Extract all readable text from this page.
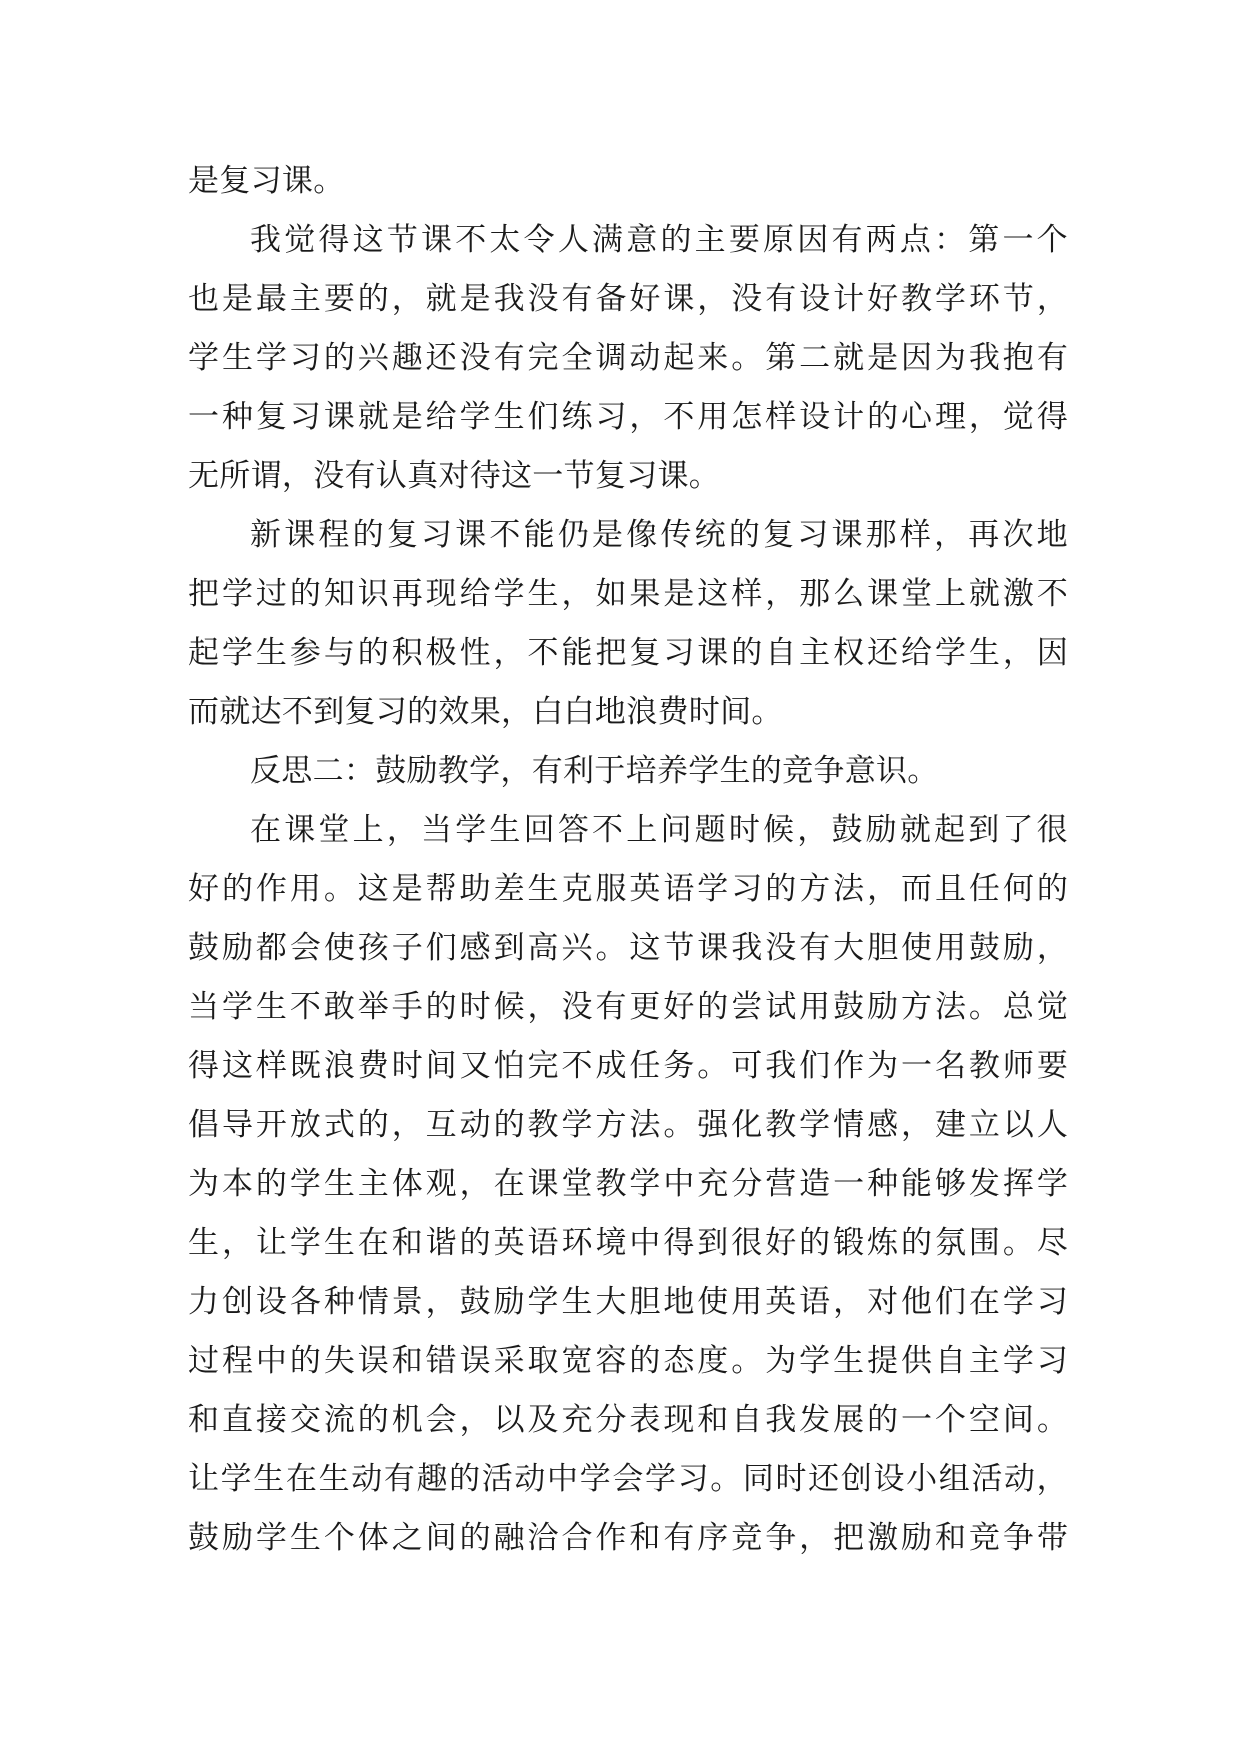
是复习课。
我 觉 得 这 节 课 不 太 令 人 满 意 的 主 要 原 因 有 两 点 ： 第 一 个
也 是 最 主 要 的 ， 就 是 我 没 有 备 好 课 ， 没 有 设 计 好 教 学 环 节 ，
学 生 学 习 的 兴 趣 还 没 有 完 全 调 动 起 来 。 第 二 就 是 因 为 我 抱 有
一 种 复 习 课 就 是 给 学 生 们 练 习 ， 不 用 怎 样 设 计 的 心 理 ， 觉 得
无所谓，没有认真对待这一节复习课。
新 课 程 的 复 习 课 不 能 仍 是 像 传 统 的 复 习 课 那 样 ， 再 次 地
把 学 过 的 知 识 再 现 给 学 生 ， 如 果 是 这 样 ， 那 么 课 堂 上 就 激 不
起 学 生 参 与 的 积 极 性 ， 不 能 把 复 习 课 的 自 主 权 还 给 学 生 ， 因
而就达不到复习的效果，白白地浪费时间。
反思二：鼓励教学，有利于培养学生的竞争意识。
在 课 堂 上 ， 当 学 生 回 答 不 上 问 题 时 候 ， 鼓 励 就 起 到 了 很
好 的 作 用 。 这 是 帮 助 差 生 克 服 英 语 学 习 的 方 法 ， 而 且 任 何 的
鼓 励 都 会 使 孩 子 们 感 到 高 兴 。 这 节 课 我 没 有 大 胆 使 用 鼓 励 ，
当 学 生 不 敢 举 手 的 时 候 ， 没 有 更 好 的 尝 试 用 鼓 励 方 法 。 总 觉
得 这 样 既 浪 费 时 间 又 怕 完 不 成 任 务 。 可 我 们 作 为 一 名 教 师 要
倡 导 开 放 式 的 ， 互 动 的 教 学 方 法 。 强 化 教 学 情 感 ， 建 立 以 人
为 本 的 学 生 主 体 观 ， 在 课 堂 教 学 中 充 分 营 造 一 种 能 够 发 挥 学
生 ， 让 学 生 在 和 谐 的 英 语 环 境 中 得 到 很 好 的 锻 炼 的 氛 围 。 尽
力 创 设 各 种 情 景 ， 鼓 励 学 生 大 胆 地 使 用 英 语 ， 对 他 们 在 学 习
过 程 中 的 失 误 和 错 误 采 取 宽 容 的 态 度 。 为 学 生 提 供 自 主 学 习
和 直 接 交 流 的 机 会 ， 以 及 充 分 表 现 和 自 我 发 展 的 一 个 空 间 。
让 学 生 在 生 动 有 趣 的 活 动 中 学 会 学 习 。 同 时 还 创 设 小 组 活 动 ，
鼓 励 学 生 个 体 之 间 的 融 洽 合 作 和 有 序 竞 争 ， 把 激 励 和 竞 争 带
